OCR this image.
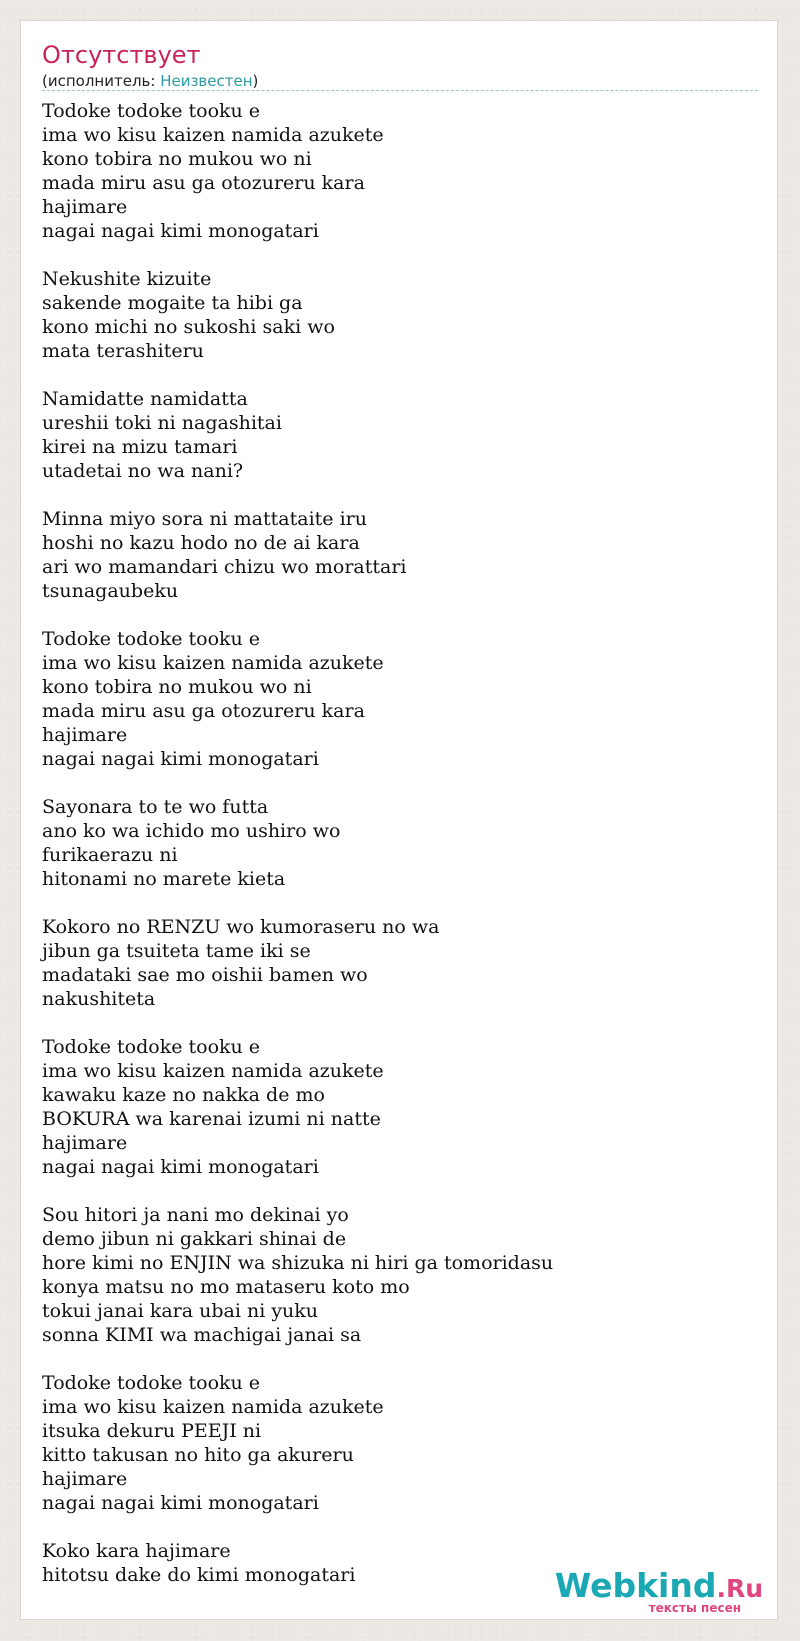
Отсутствует
(исполнитель: Неизвестен)
Todoke todoke tooku e
ima wo kisu kaizen namida azukete
kono tobira no mukou wo ni
mada miru asu ga otozureru kara
hajimare
nagai nagai kimi monogatari
Nekushite kizuite
sakende mogaite ta hibi ga
kono michi no sukoshi saki wo
mata terashiteru
Namidatte namidatta
ureshii toki ni nagashitai
kirei na mizu tamari
utadetai no wa nani?
Minna miyo sora ni mattataite iru
hoshi no kazu hodo no de ai kara
ari wo mamandari chizu wo morattari
tsunagaubeku
Todoke todoke tooku e
ima wo kisu kaizen namida azukete
kono tobira no mukou wo ni
mada miru asu ga otozureru kara
hajimare
nagai nagai kimi monogatari
Sayonara to te wo futta
ano ko wa ichido mo ushiro wo
furikaerazu ni
hitonami no marete kieta
Kokoro no RENZU wo kumoraseru no wa
jibun ga tsuiteta tame iki se
madataki sae mo oishii bamen wo
nakushiteta
Todoke todoke tooku e
ima wo kisu kaizen namida azukete
kawaku kaze no nakka de mo
BOKURA wa karenai izumi ni natte
hajimare
nagai nagai kimi monogatari
Sou hitori ja nani mo dekinai yo
demo jibun ni gakkari shinai de
hore kimi no ENJIN wa shizuka ni hiri ga tomoridasu
konya matsu no mo mataseru koto mo
tokui janai kara ubai ni yuku
sonna KIMI wa machigai janai sa
Todoke todoke tooku e
ima wo kisu kaizen namida azukete
itsuka dekuru PEEJI ni
kitto takusan no hito ga akureru
hajimare
nagai nagai kimi monogatari
Koko kara hajimare
hitotsu dake do kimi monogatari	Webkind.Ru
тексты песен
